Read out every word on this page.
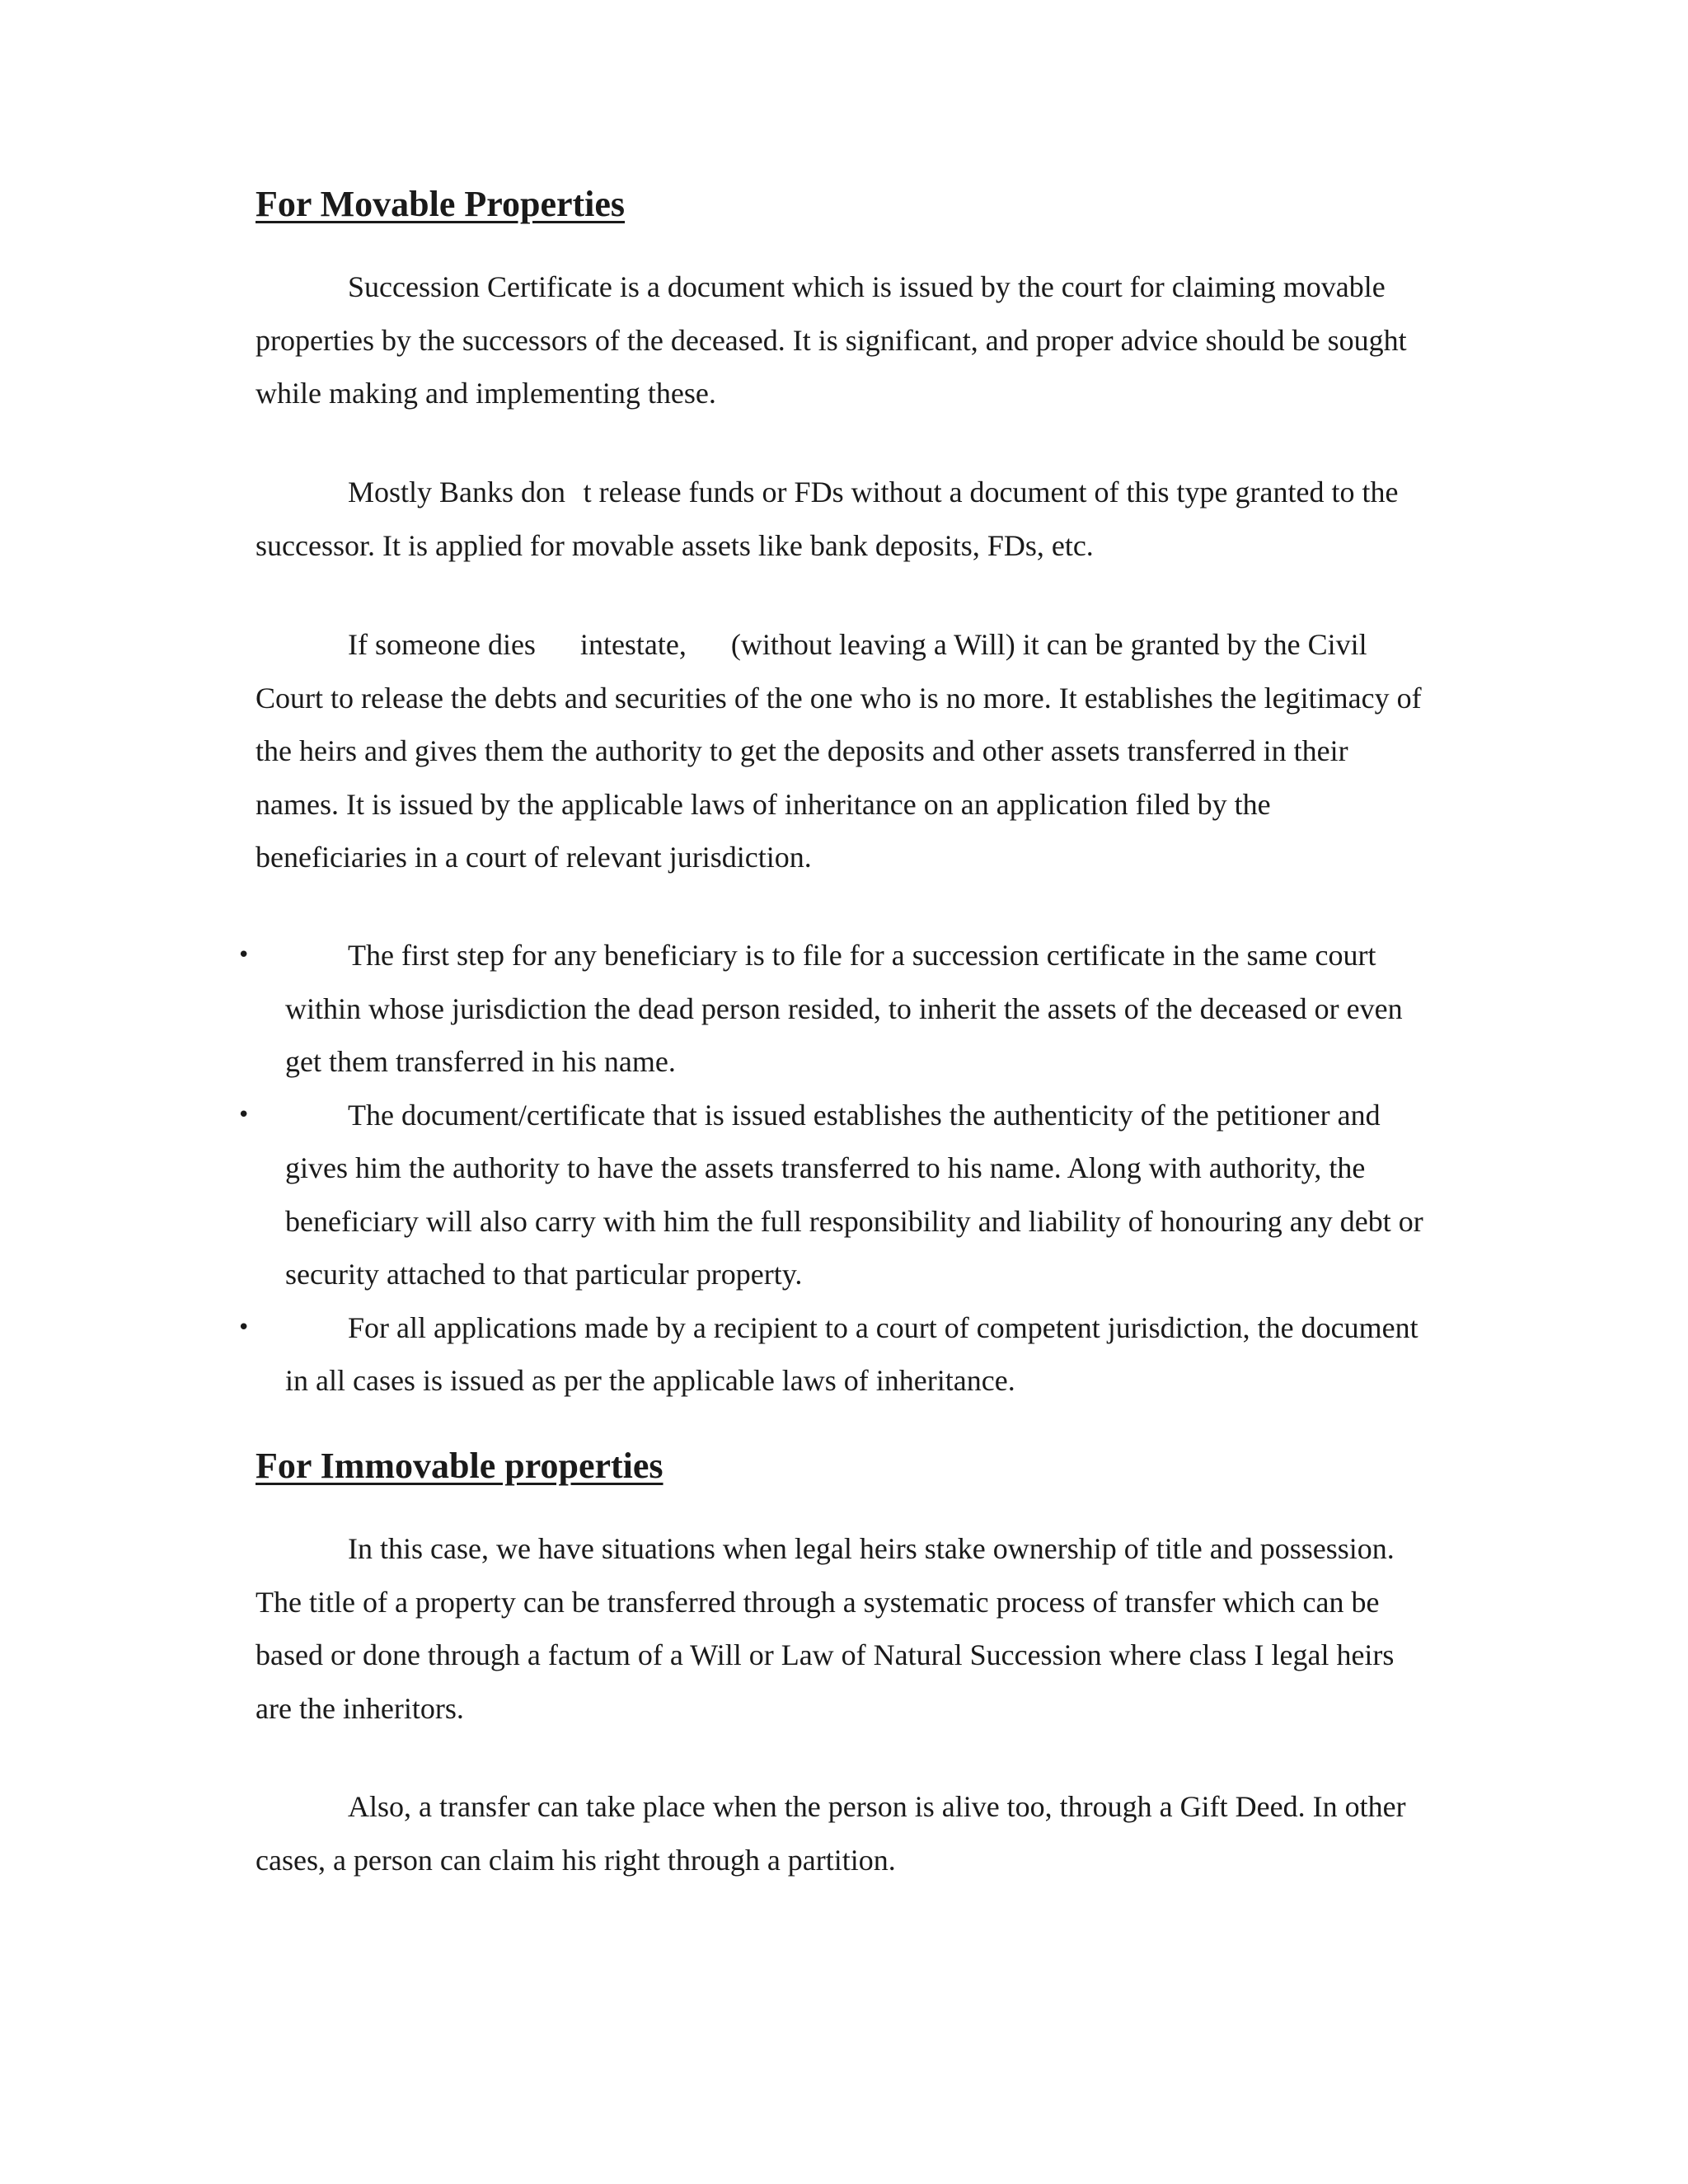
For Movable Properties

Succession Certificate is a document which is issued by the court for claiming movable properties by the successors of the deceased. It is significant, and proper advice should be sought while making and implementing these.

Mostly Banks don   t release funds or FDs without a document of this type granted to the successor. It is applied for movable assets like bank deposits, FDs, etc.

If someone dies  intestate,  (without leaving a Will) it can be granted by the Civil Court to release the debts and securities of the one who is no more. It establishes the legitimacy of the heirs and gives them the authority to get the deposits and other assets transferred in their names. It is issued by the applicable laws of inheritance on an application filed by the beneficiaries in a court of relevant jurisdiction.

•	The first step for any beneficiary is to file for a succession certificate in the same court within whose jurisdiction the dead person resided, to inherit the assets of the deceased or even get them transferred in his name.
•	The document/certificate that is issued establishes the authenticity of the petitioner and gives him the authority to have the assets transferred to his name. Along with authority, the beneficiary will also carry with him the full responsibility and liability of honouring any debt or security attached to that particular property.
•	For all applications made by a recipient to a court of competent jurisdiction, the document in all cases is issued as per the applicable laws of inheritance.
For Immovable properties

In this case, we have situations when legal heirs stake ownership of title and possession. The title of a property can be transferred through a systematic process of transfer which can be based or done through a factum of a Will or Law of Natural Succession where class I legal heirs are the inheritors.

Also, a transfer can take place when the person is alive too, through a Gift Deed. In other cases, a person can claim his right through a partition.
